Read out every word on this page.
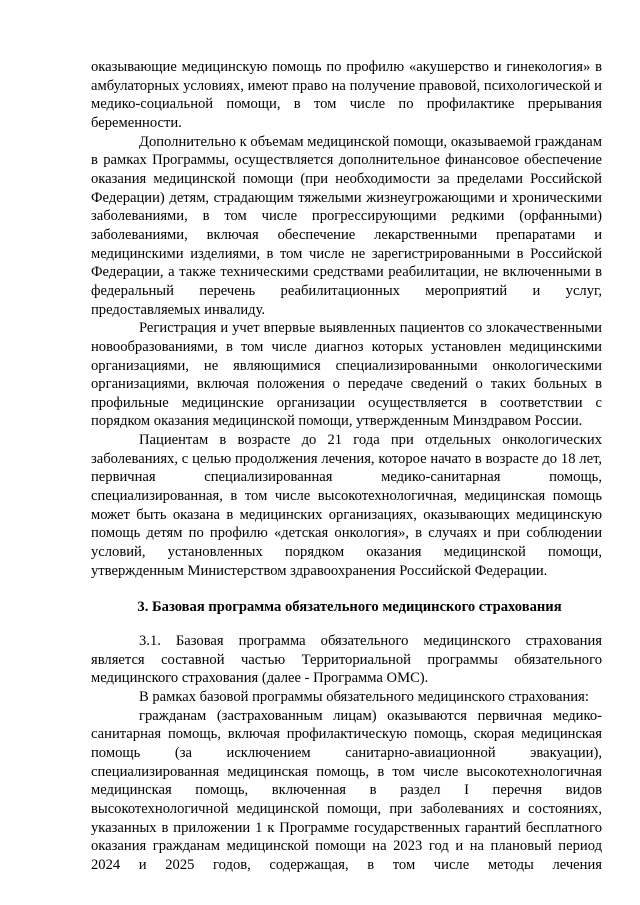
оказывающие медицинскую помощь по профилю «акушерство и гинекология» в амбулаторных условиях, имеют право на получение правовой, психологической и медико-социальной помощи, в том числе по профилактике прерывания беременности.

Дополнительно к объемам медицинской помощи, оказываемой гражданам в рамках Программы, осуществляется дополнительное финансовое обеспечение оказания медицинской помощи (при необходимости за пределами Российской Федерации) детям, страдающим тяжелыми жизнеугрожающими и хроническими заболеваниями, в том числе прогрессирующими редкими (орфанными) заболеваниями, включая обеспечение лекарственными препаратами и медицинскими изделиями, в том числе не зарегистрированными в Российской Федерации, а также техническими средствами реабилитации, не включенными в федеральный перечень реабилитационных мероприятий и услуг, предоставляемых инвалиду.

Регистрация и учет впервые выявленных пациентов со злокачественными новообразованиями, в том числе диагноз которых установлен медицинскими организациями, не являющимися специализированными онкологическими организациями, включая положения о передаче сведений о таких больных в профильные медицинские организации осуществляется в соответствии с порядком оказания медицинской помощи, утвержденным Минздравом России.

Пациентам в возрасте до 21 года при отдельных онкологических заболеваниях, с целью продолжения лечения, которое начато в возрасте до 18 лет, первичная специализированная медико-санитарная помощь, специализированная, в том числе высокотехнологичная, медицинская помощь может быть оказана в медицинских организациях, оказывающих медицинскую помощь детям по профилю «детская онкология», в случаях и при соблюдении условий, установленных порядком оказания медицинской помощи, утвержденным Министерством здравоохранения Российской Федерации.

3. Базовая программа обязательного медицинского страхования

3.1. Базовая программа обязательного медицинского страхования является составной частью Территориальной программы обязательного медицинского страхования (далее - Программа ОМС).

В рамках базовой программы обязательного медицинского страхования:

гражданам (застрахованным лицам) оказываются первичная медико-санитарная помощь, включая профилактическую помощь, скорая медицинская помощь (за исключением санитарно-авиационной эвакуации), специализированная медицинская помощь, в том числе высокотехнологичная медицинская помощь, включенная в раздел I перечня видов высокотехнологичной медицинской помощи, при заболеваниях и состояниях, указанных в приложении 1 к Программе государственных гарантий бесплатного оказания гражданам медицинской помощи на 2023 год и на плановый период 2024 и 2025 годов, содержащая, в том числе методы лечения
